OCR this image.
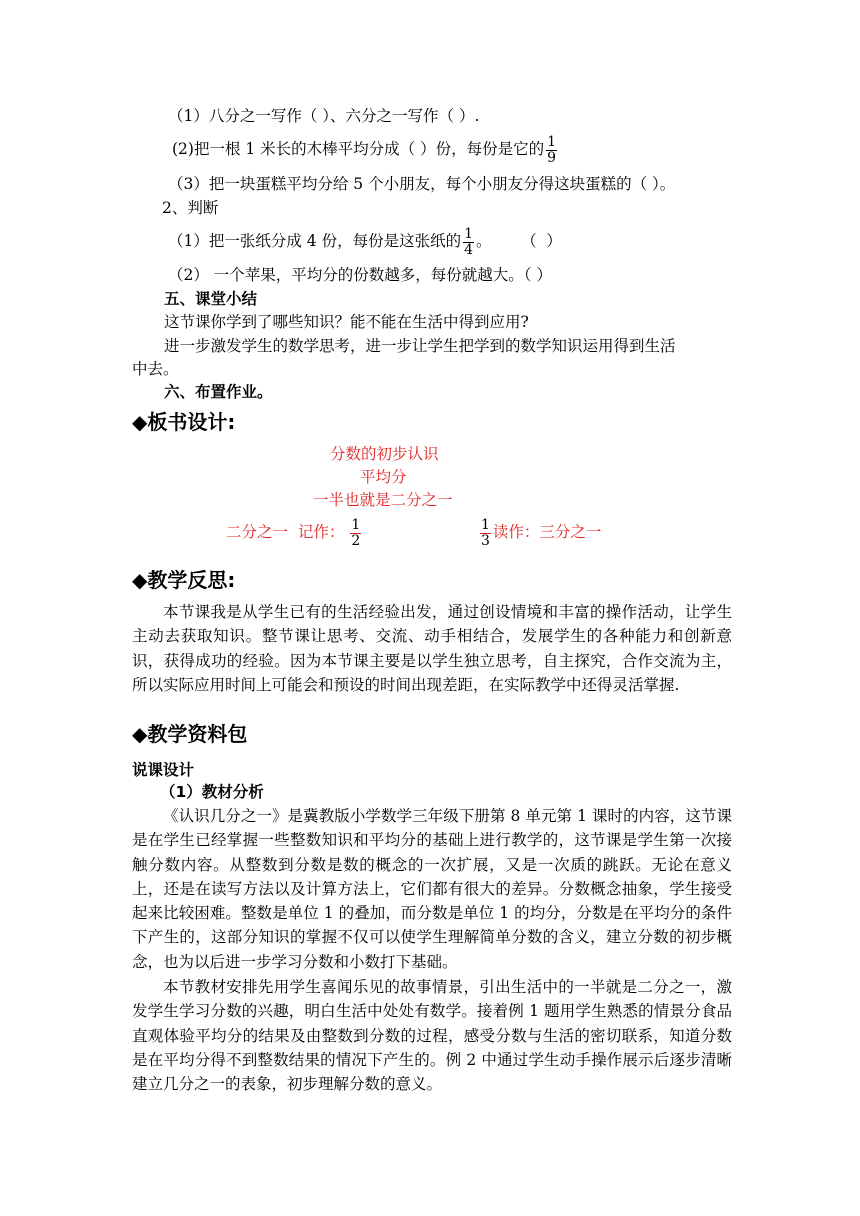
（1）八分之一写作（ ）、六分之一写作（ ）.
(2)把一根 1 米长的木棒平均分成（ ）份，每份是它的 $\frac{1}{9}$
（3）把一块蛋糕平均分给 5 个小朋友，每个小朋友分得这块蛋糕的（ ）。
2、判断
（1）把一张纸分成 4 份，每份是这张纸的 $\frac{1}{4}$ 。      （  ）
（2） 一个苹果，平均分的份数越多，每份就越大。（ ）
五、课堂小结
这节课你学到了哪些知识？能不能在生活中得到应用?
进一步激发学生的数学思考，进一步让学生把学到的数学知识运用得到生活
中去。
六、布置作业。
◆板书设计:
分数的初步认识
平均分
一半也就是二分之一
二分之一  记作： $\frac{1}{2}$	$\frac{1}{3}$ 读作：三分之一
◆教学反思:
本节课我是从学生已有的生活经验出发，通过创设情境和丰富的操作活动，让学生主动去获取知识。整节课让思考、交流、动手相结合，发展学生的各种能力和创新意识，获得成功的经验。因为本节课主要是以学生独立思考，自主探究，合作交流为主，所以实际应用时间上可能会和预设的时间出现差距，在实际教学中还得灵活掌握.
◆教学资料包
说课设计
（1）教材分析
《认识几分之一》是冀教版小学数学三年级下册第 8 单元第 1 课时的内容，这节课是在学生已经掌握一些整数知识和平均分的基础上进行教学的，这节课是学生第一次接触分数内容。从整数到分数是数的概念的一次扩展，又是一次质的跳跃。无论在意义上，还是在读写方法以及计算方法上，它们都有很大的差异。分数概念抽象，学生接受起来比较困难。整数是单位 1 的叠加，而分数是单位 1 的均分，分数是在平均分的条件下产生的，这部分知识的掌握不仅可以使学生理解简单分数的含义，建立分数的初步概念，也为以后进一步学习分数和小数打下基础。
本节教材安排先用学生喜闻乐见的故事情景，引出生活中的一半就是二分之一，激发学生学习分数的兴趣，明白生活中处处有数学。接着例 1 题用学生熟悉的情景分食品直观体验平均分的结果及由整数到分数的过程，感受分数与生活的密切联系，知道分数是在平均分得不到整数结果的情况下产生的。例 2 中通过学生动手操作展示后逐步清晰建立几分之一的表象，初步理解分数的意义。
